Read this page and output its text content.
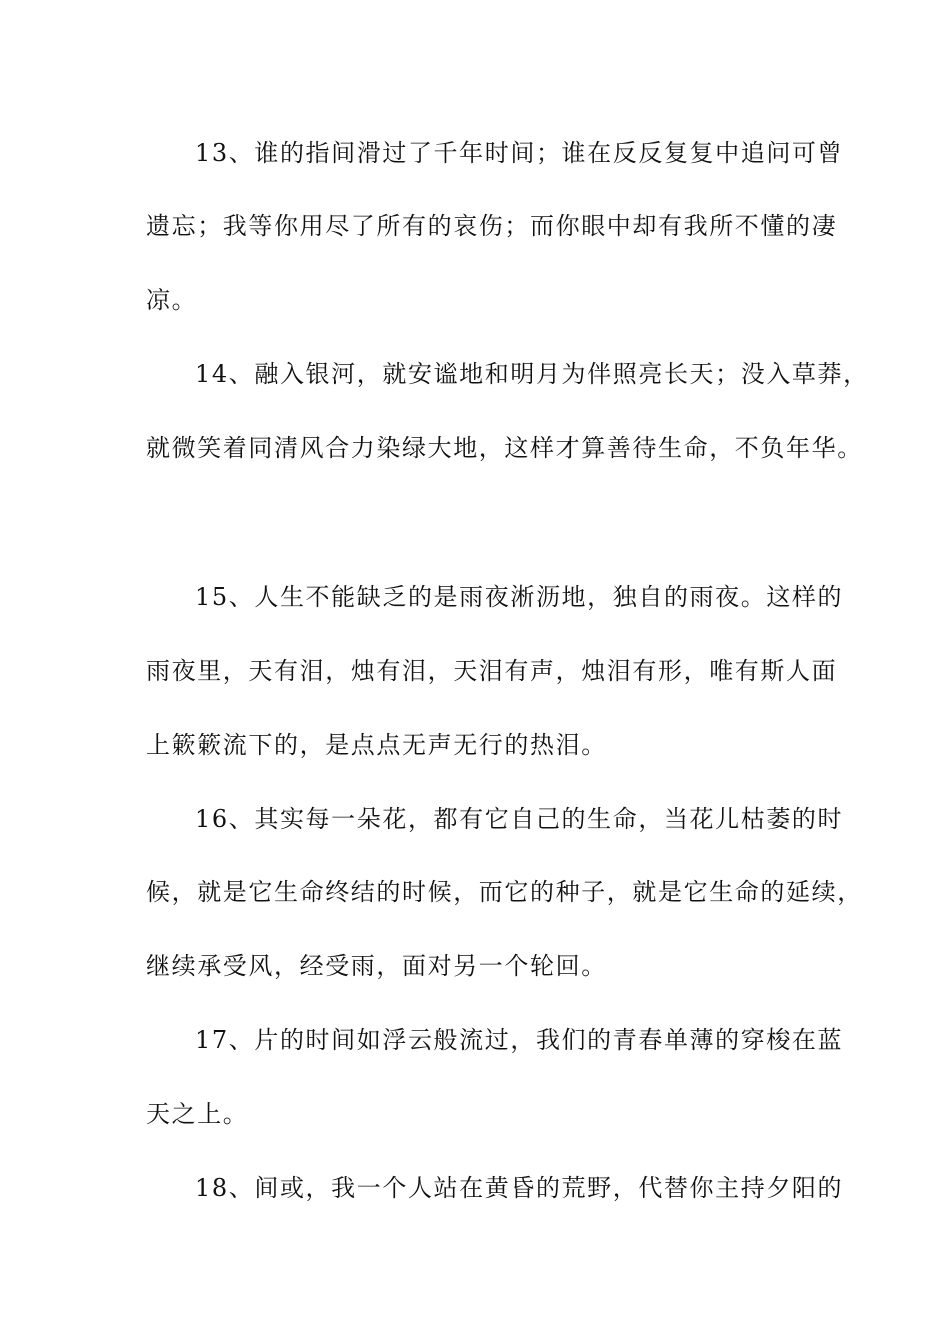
13、谁的指间滑过了千年时间；谁在反反复复中追问可曾
遗忘；我等你用尽了所有的哀伤；而你眼中却有我所不懂的凄
凉。
14、融入银河，就安谧地和明月为伴照亮长天；没入草莽，
就微笑着同清风合力染绿大地，这样才算善待生命，不负年华。
15、人生不能缺乏的是雨夜淅沥地，独自的雨夜。这样的
雨夜里，天有泪，烛有泪，天泪有声，烛泪有形，唯有斯人面
上簌簌流下的，是点点无声无行的热泪。
16、其实每一朵花，都有它自己的生命，当花儿枯萎的时
候，就是它生命终结的时候，而它的种子，就是它生命的延续，
继续承受风，经受雨，面对另一个轮回。
17、片的时间如浮云般流过，我们的青春单薄的穿梭在蓝
天之上。
18、间或，我一个人站在黄昏的荒野，代替你主持夕阳的
